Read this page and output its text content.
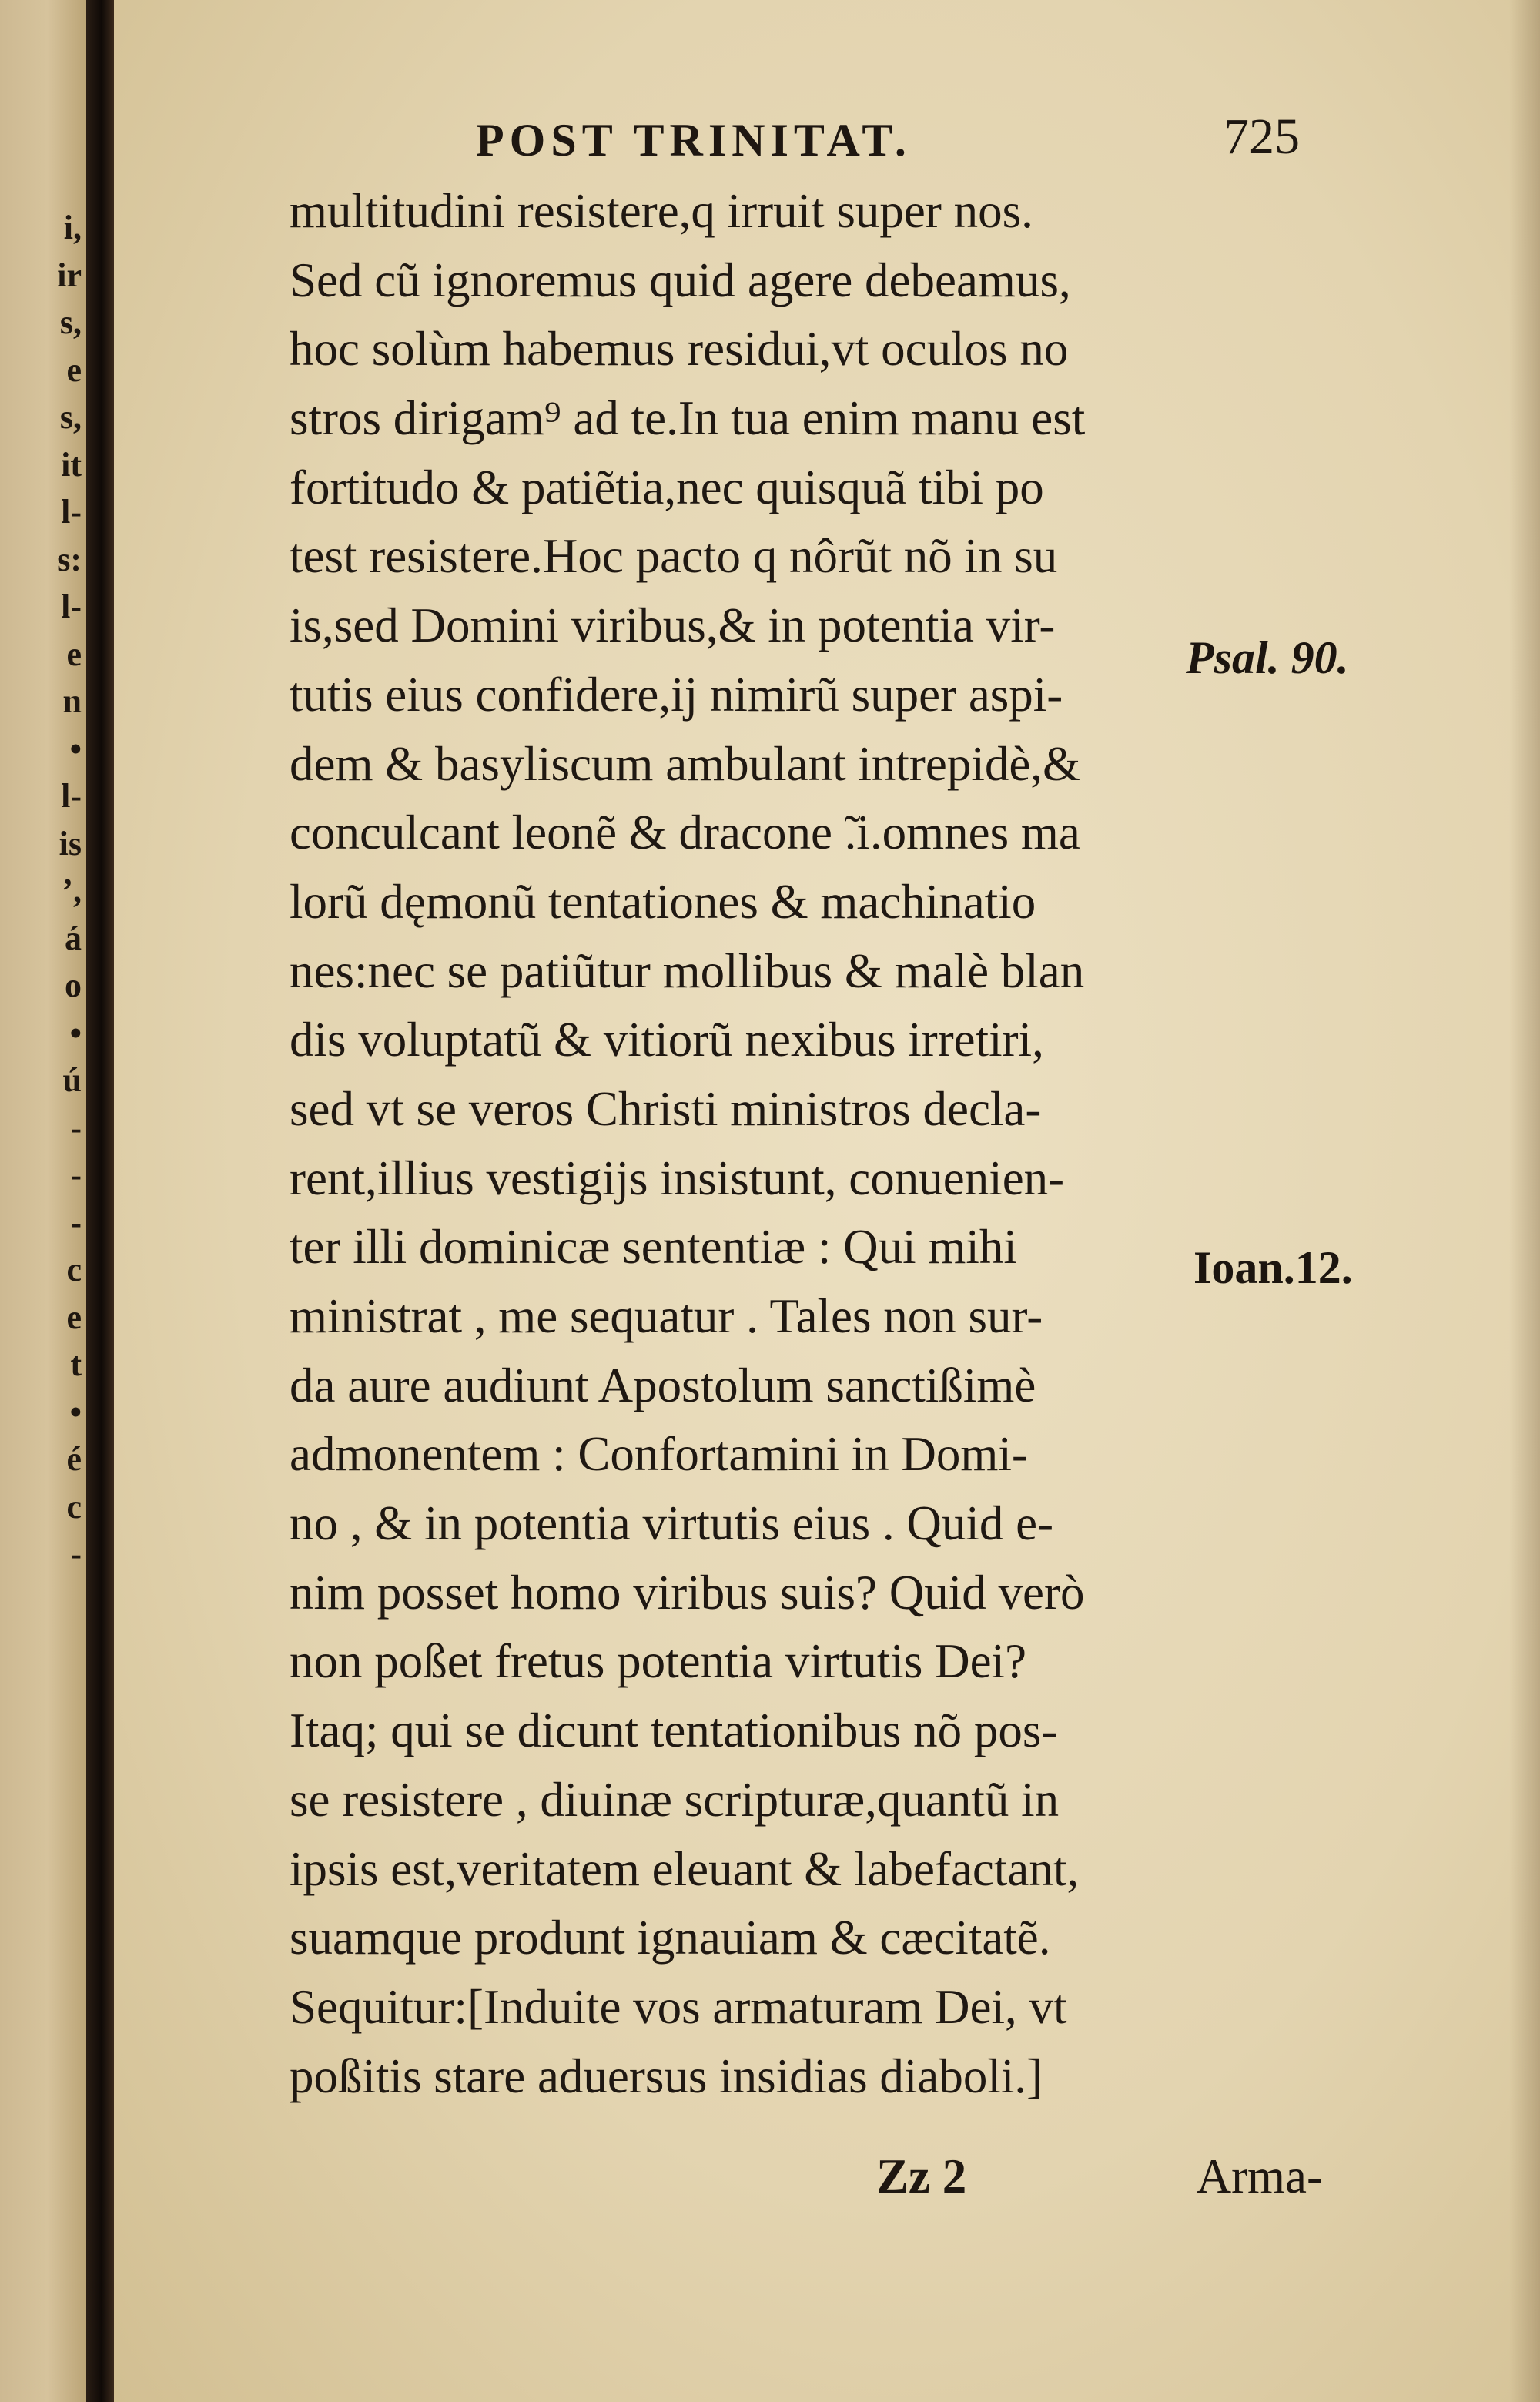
i,
ir
s,
e
s,
it
l-
s:
l-
e
n
•
l-
is
’,
á
o
•
ú
-
-
-
c
e
t
•
é
c
-
POST TRINITAT.	725
multitudini resistere,q irruit super nos.
Sed cũ ignoremus quid agere debeamus,
hoc solùm habemus residui,vt oculos no
stros dirigam⁹ ad te.In tua enim manu est
fortitudo & patiẽtia,nec quisquã tibi po
test resistere.Hoc pacto q nôrũt nõ in su
is,sed Domini viribus,& in potentia vir-
tutis eius confidere,ij nimirũ super aspi-
dem & basyliscum ambulant intrepidè,&
conculcant leonẽ & dracone ̃.i.omnes ma
lorũ dęmonũ tentationes & machinatio
nes:nec se patiũtur mollibus & malè blan
dis voluptatũ & vitiorũ nexibus irretiri,
sed vt se veros Christi ministros decla-
rent,illius vestigijs insistunt, conuenien-
ter illi dominicæ sententiæ : Qui mihi
ministrat , me sequatur . Tales non sur-
da aure audiunt Apostolum sanctißimè
admonentem : Confortamini in Domi-
no , & in potentia virtutis eius . Quid e-
nim posset homo viribus suis? Quid verò
non poßet fretus potentia virtutis Dei?
Itaq; qui se dicunt tentationibus nõ pos-
se resistere , diuinæ scripturæ,quantũ in
ipsis est,veritatem eleuant & labefactant,
suamque produnt ignauiam & cæcitatẽ.
Sequitur:[Induite vos armaturam Dei, vt
poßitis stare aduersus insidias diaboli.]
Psal. 90.
Ioan.12.
Zz 2	Arma-
